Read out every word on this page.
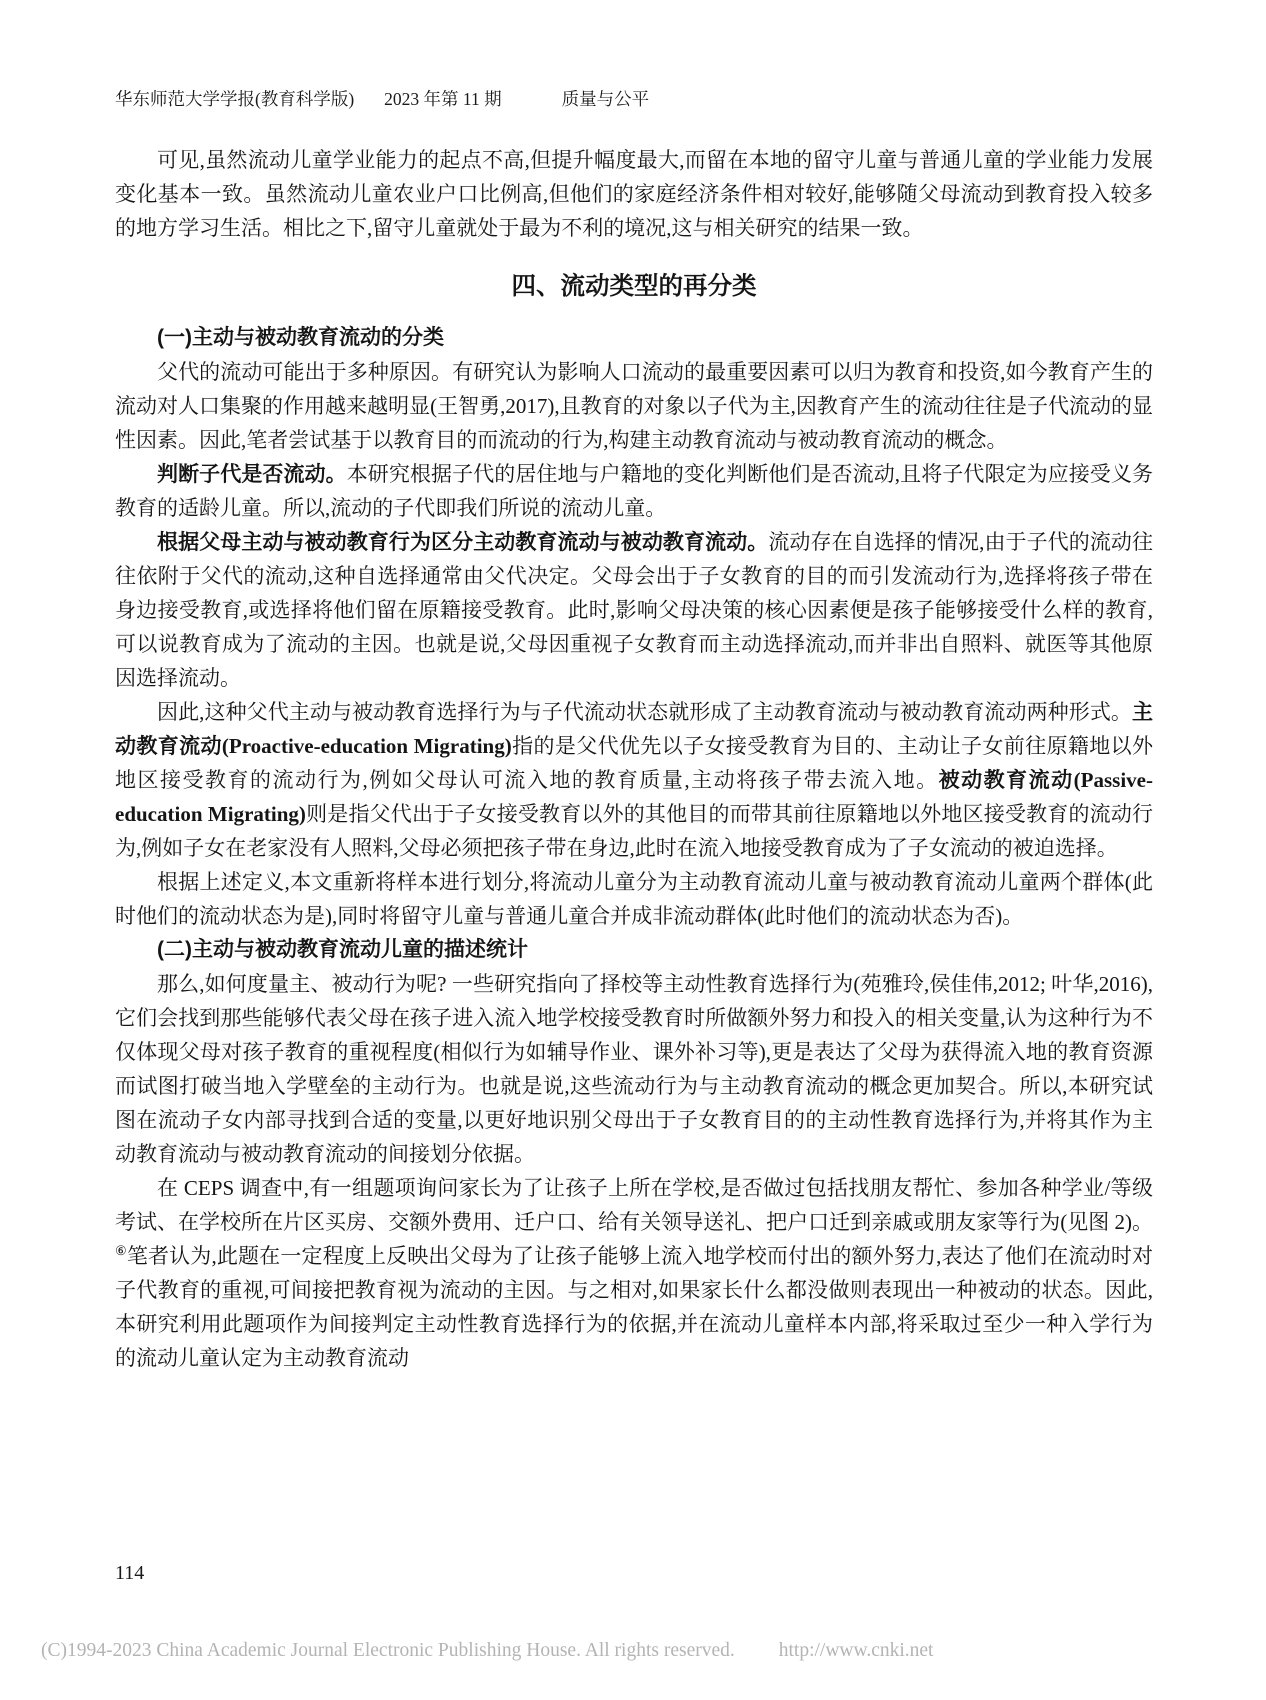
华东师范大学学报(教育科学版) 2023 年第 11 期	质量与公平

可见,虽然流动儿童学业能力的起点不高,但提升幅度最大,而留在本地的留守儿童与普通儿童的学业能力发展变化基本一致。虽然流动儿童农业户口比例高,但他们的家庭经济条件相对较好,能够随父母流动到教育投入较多的地方学习生活。相比之下,留守儿童就处于最为不利的境况,这与相关研究的结果一致。

四、流动类型的再分类
(一)主动与被动教育流动的分类

父代的流动可能出于多种原因。有研究认为影响人口流动的最重要因素可以归为教育和投资,如今教育产生的流动对人口集聚的作用越来越明显(王智勇,2017),且教育的对象以子代为主,因教育产生的流动往往是子代流动的显性因素。因此,笔者尝试基于以教育目的而流动的行为,构建主动教育流动与被动教育流动的概念。

判断子代是否流动。本研究根据子代的居住地与户籍地的变化判断他们是否流动,且将子代限定为应接受义务教育的适龄儿童。所以,流动的子代即我们所说的流动儿童。

根据父母主动与被动教育行为区分主动教育流动与被动教育流动。流动存在自选择的情况,由于子代的流动往往依附于父代的流动,这种自选择通常由父代决定。父母会出于子女教育的目的而引发流动行为,选择将孩子带在身边接受教育,或选择将他们留在原籍接受教育。此时,影响父母决策的核心因素便是孩子能够接受什么样的教育,可以说教育成为了流动的主因。也就是说,父母因重视子女教育而主动选择流动,而并非出自照料、就医等其他原因选择流动。

因此,这种父代主动与被动教育选择行为与子代流动状态就形成了主动教育流动与被动教育流动两种形式。主动教育流动(Proactive-education Migrating)指的是父代优先以子女接受教育为目的、主动让子女前往原籍地以外地区接受教育的流动行为,例如父母认可流入地的教育质量,主动将孩子带去流入地。被动教育流动(Passive-education Migrating)则是指父代出于子女接受教育以外的其他目的而带其前往原籍地以外地区接受教育的流动行为,例如子女在老家没有人照料,父母必须把孩子带在身边,此时在流入地接受教育成为了子女流动的被迫选择。

根据上述定义,本文重新将样本进行划分,将流动儿童分为主动教育流动儿童与被动教育流动儿童两个群体(此时他们的流动状态为是),同时将留守儿童与普通儿童合并成非流动群体(此时他们的流动状态为否)。

(二)主动与被动教育流动儿童的描述统计

那么,如何度量主、被动行为呢? 一些研究指向了择校等主动性教育选择行为(苑雅玲,侯佳伟,2012; 叶华,2016),它们会找到那些能够代表父母在孩子进入流入地学校接受教育时所做额外努力和投入的相关变量,认为这种行为不仅体现父母对孩子教育的重视程度(相似行为如辅导作业、课外补习等),更是表达了父母为获得流入地的教育资源而试图打破当地入学壁垒的主动行为。也就是说,这些流动行为与主动教育流动的概念更加契合。所以,本研究试图在流动子女内部寻找到合适的变量,以更好地识别父母出于子女教育目的的主动性教育选择行为,并将其作为主动教育流动与被动教育流动的间接划分依据。

在 CEPS 调查中,有一组题项询问家长为了让孩子上所在学校,是否做过包括找朋友帮忙、参加各种学业/等级考试、在学校所在片区买房、交额外费用、迁户口、给有关领导送礼、把户口迁到亲戚或朋友家等行为(见图 2)。⑥笔者认为,此题在一定程度上反映出父母为了让孩子能够上流入地学校而付出的额外努力,表达了他们在流动时对子代教育的重视,可间接把教育视为流动的主因。与之相对,如果家长什么都没做则表现出一种被动的状态。因此,本研究利用此题项作为间接判定主动性教育选择行为的依据,并在流动儿童样本内部,将采取过至少一种入学行为的流动儿童认定为主动教育流动

114
(C)1994-2023 China Academic Journal Electronic Publishing House. All rights reserved. http://www.cnki.net
